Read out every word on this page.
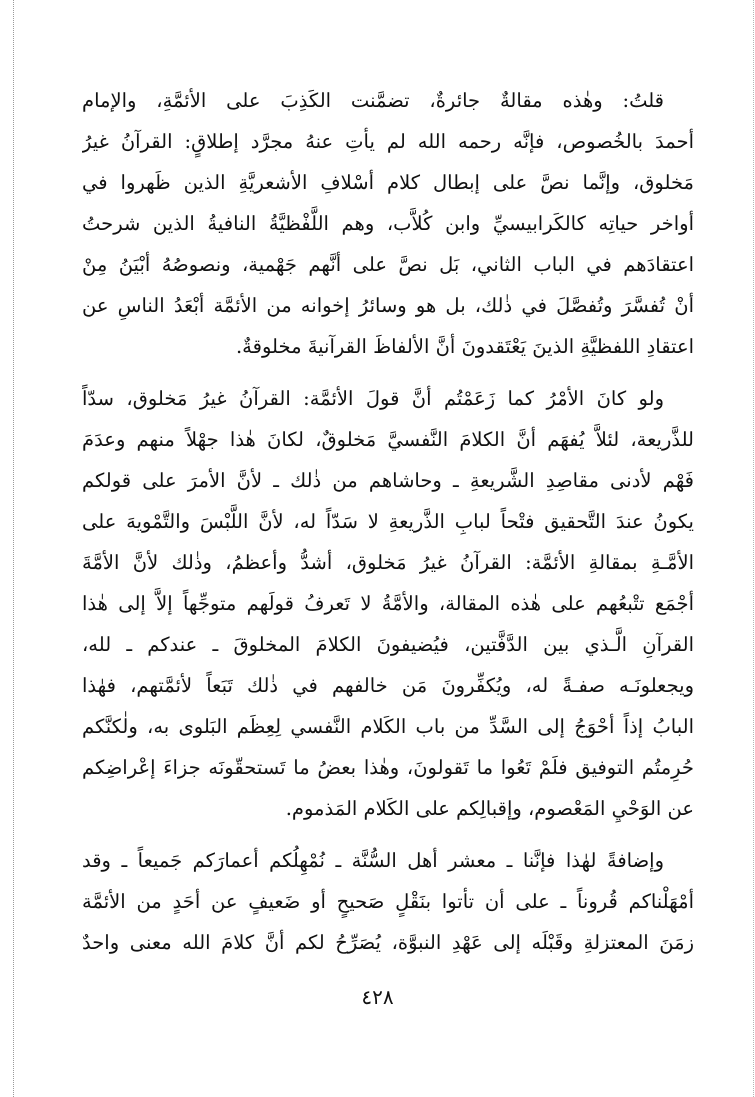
قلتُ: وهٰذه مقالةٌ جائرةٌ، تضمَّنت الكَذِبَ على الأئمَّةِ، والإمام
أحمدَ بالخُصوص، فإنَّه رحمه الله لم يأتِ عنهُ مجرَّد إطلاقٍ: القرآنُ غيرُ
مَخلوق، وإنَّما نصَّ على إبطال كلام أسْلافِ الأشعريَّةِ الذين ظَهروا في
أواخر حياتِه كالكَرابيسيِّ وابن كُلاَّب، وهم اللَّفْظيَّةُ النافيةُ الذين شرحتُ
اعتقادَهم في الباب الثاني، بَل نصَّ على أنَّهم جَهْمية، ونصوصُهُ أبْيَنُ مِنْ
أنْ تُفسَّرَ وتُفصَّلَ في ذٰلك، بل هو وسائرُ إخوانه من الأئمَّة أبْعَدُ الناسِ عن
اعتقادِ اللفظيَّةِ الذينَ يَعْتَقدونَ أنَّ الألفاظَ القرآنيةَ مخلوقةٌ.
ولو كانَ الأمْرُ كما زَعَمْتُم أنَّ قولَ الأئمَّة: القرآنُ غيرُ مَخلوق، سدّاً
للذَّريعة، لئلاَّ يُفهَم أنَّ الكلامَ النَّفسيَّ مَخلوقٌ، لكانَ هٰذا جهْلاً منهم وعدَمَ
فَهْم لأدنى مقاصِدِ الشَّريعةِ ـ وحاشاهم من ذٰلك ـ لأنَّ الأمرَ على قولكم
يكونُ عندَ التَّحقيق فتْحاً لبابِ الذَّريعةِ لا سَدّاً له، لأنَّ اللَّبْسَ والتَّمْويهَ على
الأمَّـةِ بمقالةِ الأئمَّة: القرآنُ غيرُ مَخلوق، أشدُّ وأعظمُ، وذٰلك لأنَّ الأمَّةَ
أجْمَع تتْبعُهم على هٰذه المقالة، والأمَّةُ لا تَعرفُ قولَهم متوجِّهاً إلاَّ إلى هٰذا
القرآنِ الَّـذي بين الدَّفَّتين، فيُضيفونَ الكلامَ المخلوقَ ـ عندكم ـ لله،
ويجعلونَـه صفـةً له، ويُكفِّرونَ مَن خالفهم في ذٰلك تَبَعاً لأئمَّتهم، فهٰذا
البابُ إذاً أحْوَجُ إلى السَّدِّ من باب الكَلام النَّفسي لِعِظَم البَلوى به، ولٰكنَّكم
حُرِمتُم التوفيق فلَمْ تَعُوا ما تَقولونَ، وهٰذا بعضُ ما تَستحقّونَه جزاءَ إعْراضِكم
عن الوَحْيِ المَعْصوم، وإقبالِكم على الكَلام المَذموم.
وإضافةً لهٰذا فإنَّنا ـ معشر أهل السُّنَّة ـ نُمْهِلُكم أعمارَكم جَميعاً ـ وقد
أمْهَلْناكم قُروناً ـ على أن تأتوا بنَقْلٍ صَحيحٍ أو ضَعيفٍ عن أحَدٍ من الأئمَّة
زمَنَ المعتزلةِ وقَبْلَه إلى عَهْدِ النبوَّة، يُصَرِّحُ لكم أنَّ كلامَ الله معنى واحدٌ
٤٢٨
